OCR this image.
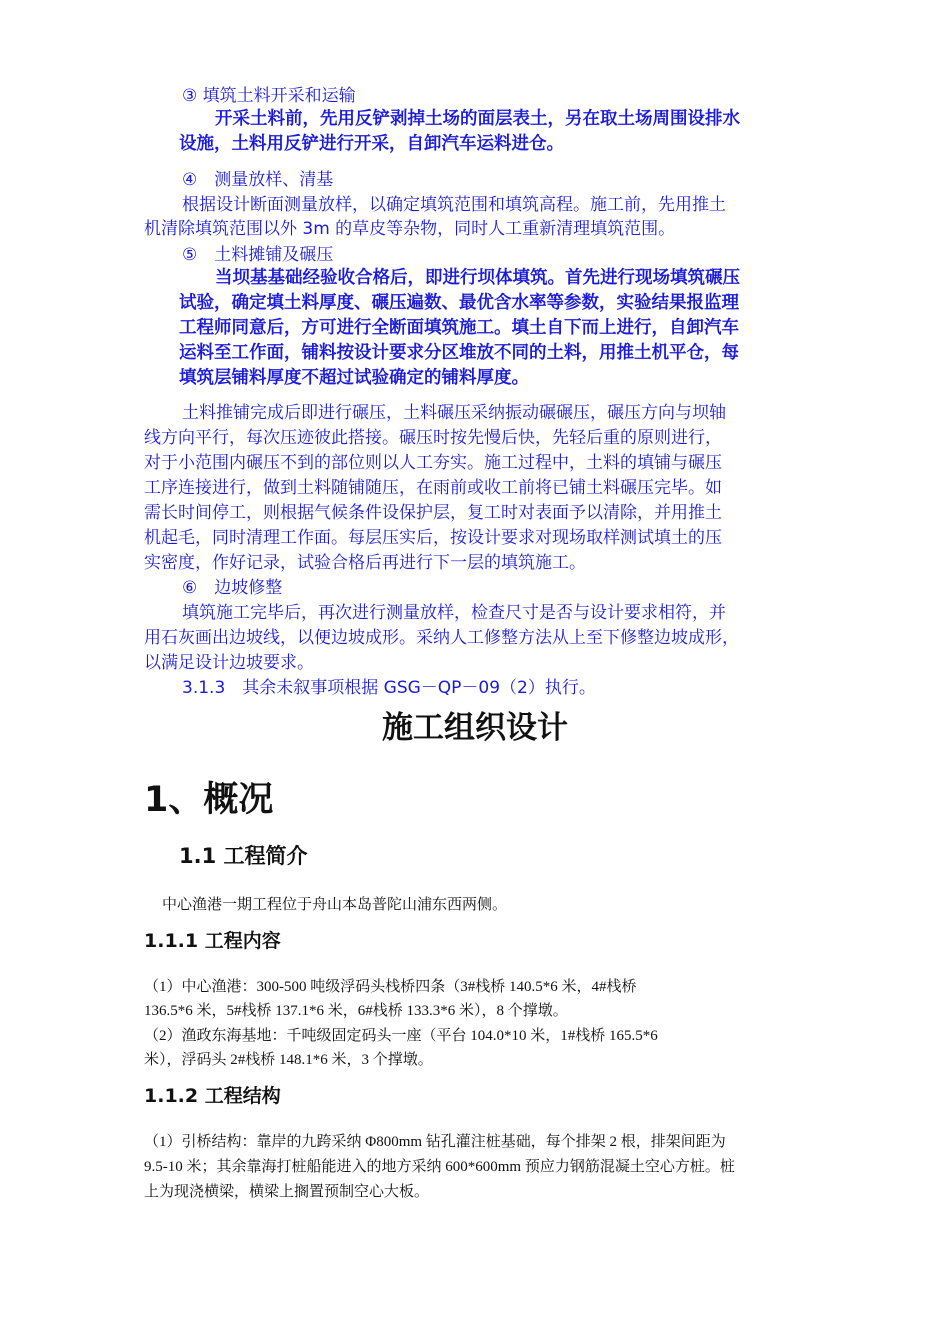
③ 填筑土料开采和运输
开采土料前，先用反铲剥掉土场的面层表土，另在取土场周围设排水
设施，土料用反铲进行开采，自卸汽车运料进仓。
④　测量放样、清基
根据设计断面测量放样，以确定填筑范围和填筑高程。施工前，先用推土
机清除填筑范围以外 3m 的草皮等杂物，同时人工重新清理填筑范围。
⑤　土料摊铺及碾压
当坝基基础经验收合格后，即进行坝体填筑。首先进行现场填筑碾压
试验，确定填土料厚度、碾压遍数、最优含水率等参数，实验结果报监理
工程师同意后，方可进行全断面填筑施工。填土自下而上进行，自卸汽车
运料至工作面，铺料按设计要求分区堆放不同的土料，用推土机平仓，每
填筑层铺料厚度不超过试验确定的铺料厚度。
土料推铺完成后即进行碾压，土料碾压采纳振动碾碾压，碾压方向与坝轴
线方向平行，每次压迹彼此搭接。碾压时按先慢后快，先轻后重的原则进行，
对于小范围内碾压不到的部位则以人工夯实。施工过程中，土料的填铺与碾压
工序连接进行，做到土料随铺随压，在雨前或收工前将已铺土料碾压完毕。如
需长时间停工，则根据气候条件设保护层，复工时对表面予以清除，并用推土
机起毛，同时清理工作面。每层压实后，按设计要求对现场取样测试填土的压
实密度，作好记录，试验合格后再进行下一层的填筑施工。
⑥　边坡修整
填筑施工完毕后，再次进行测量放样，检查尺寸是否与设计要求相符，并
用石灰画出边坡线，以便边坡成形。采纳人工修整方法从上至下修整边坡成形，
以满足设计边坡要求。
3.1.3　其余未叙事项根据 GSG－QP－09（2）执行。
施工组织设计
1、概况
1.1 工程简介
中心渔港一期工程位于舟山本岛普陀山浦东西两侧。
1.1.1 工程内容
（1）中心渔港：300-500 吨级浮码头栈桥四条（3#栈桥 140.5*6 米，4#栈桥
136.5*6 米，5#栈桥 137.1*6 米，6#栈桥 133.3*6 米），8 个撑墩。
（2）渔政东海基地：千吨级固定码头一座（平台 104.0*10 米，1#栈桥 165.5*6
米），浮码头 2#栈桥 148.1*6 米，3 个撑墩。
1.1.2 工程结构
（1）引桥结构：靠岸的九跨采纳 Φ800mm 钻孔灌注桩基础，每个排架 2 根，排架间距为
9.5-10 米；其余靠海打桩船能进入的地方采纳 600*600mm 预应力钢筋混凝土空心方桩。桩
上为现浇横梁，横梁上搁置预制空心大板。
